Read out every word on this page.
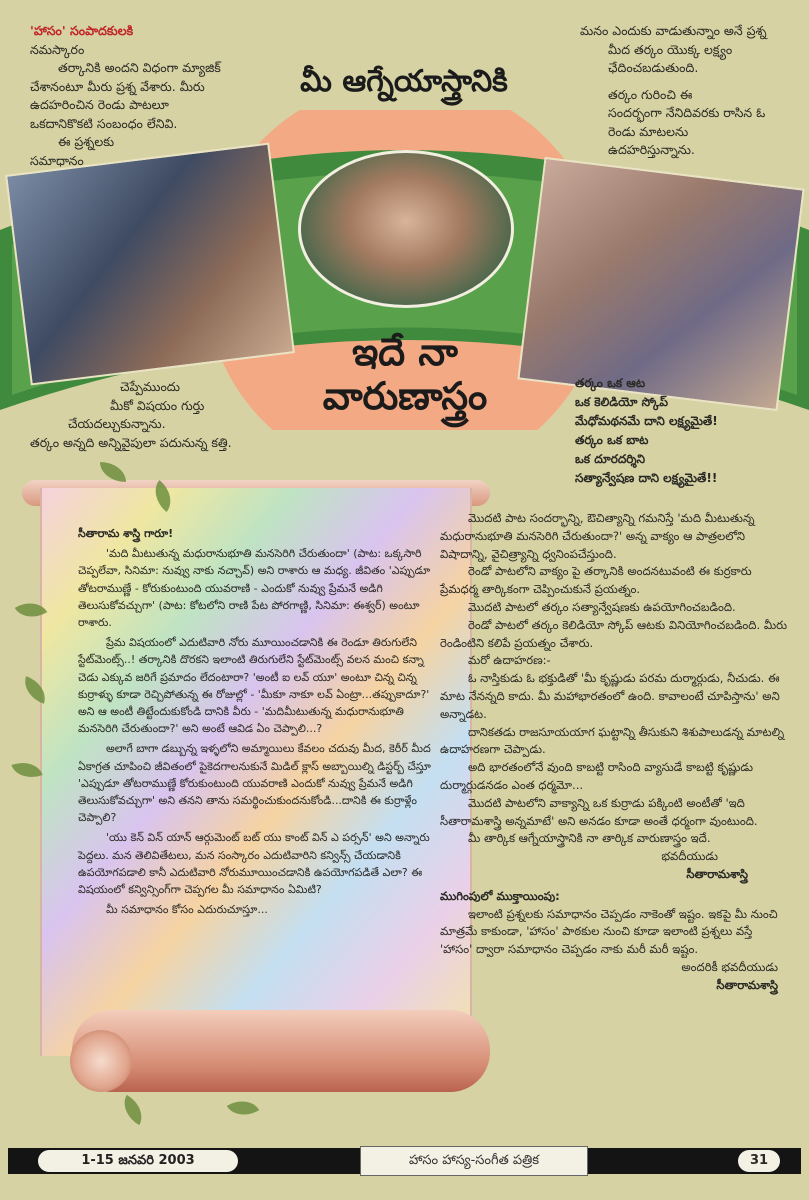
'హాసం' సంపాదకులకి

నమస్కారం

తర్కానికి అందని విధంగా మ్యాజిక్

చేశానంటూ మీరు ప్రశ్న వేశారు. మీరు

ఉదహరించిన రెండు పాటలూ

ఒకదానికొకటి సంబంధం లేనివి.

ఈ ప్రశ్నలకు

సమాధానం

మనం ఎందుకు వాడుతున్నాం అనే ప్రశ్న

మీద తర్కం యొక్క లక్ష్యం

ఛేదించబడుతుంది.

తర్కం గురించి ఈ

సందర్భంగా నేనిదివరకు రాసిన ఓ

రెండు మాటలను

ఉదహరిస్తున్నాను.

మీ ఆగ్నేయాస్త్రానికి
ఇదే నా
వారుణాస్త్రం

చెప్పేముందు

మీకో విషయం గుర్తు

చేయదల్చుకున్నాను.

తర్కం అన్నది అన్నివైపులా పదునున్న కత్తి.

తర్కం ఒక ఆట

ఒక కెలిడియో స్కోప్

మేధోమథనమే దాని లక్ష్యమైతే!

తర్కం ఒక బాట

ఒక దూరదర్శిని

సత్యాన్వేషణ దాని లక్ష్యమైతే!!

సీతారామ శాస్త్రి గారూ!

'మది మీటుతున్న మధురానుభూతి మనసెరిగి చేరుతుందా' (పాట: ఒక్కసారి చెప్పలేవా, సినిమా: నువ్వు నాకు నచ్చావ్) అని రాశారు ఆ మధ్య. జీవితం 'ఎప్పుడూ తోటరాముణ్ణే - కోరుకుంటుంది యువరాణి - ఎందుకో నువ్వు ప్రేమనే అడిగి తెలుసుకోవచ్చుగా' (పాట: కోటలోని రాణి పేట పోరగాణ్ణి, సినిమా: ఈశ్వర్) అంటూ రాశారు.

ప్రేమ విషయంలో ఎదుటివారి నోరు మూయించడానికి ఈ రెండూ తిరుగులేని స్టేట్‌మెంట్స్..! తర్కానికి దొరకని ఇలాంటి తిరుగులేని స్టేట్‌మెంట్స్ వలన మంచి కన్నా చెడు ఎక్కువ జరిగే ప్రమాదం లేదంటారా? 'అంటీ ఐ లవ్ యూ' అంటూ చిన్న చిన్న కుర్రాళ్ళు కూడా రెచ్చిపోతున్న ఈ రోజుల్లో - 'మీకూ నాకూ లవ్ ఏంట్రా...తప్పుకాదూ?' అని ఆ అంటీ తిట్టేందుకుకోండి దానికి వీరు - 'మదిమీటుతున్న మధురానుభూతి మనసెరిగి చేరుతుందా?' అని అంటే ఆవిడ ఏం చెప్పాలి...?

అలాగే బాగా డబ్బున్న ఇళ్ళలోని అమ్మాయిలు కేవలం చదువు మీద, కెరీర్ మీద ఏకాగ్రత చూపించి జీవితంలో పైకెదగాలనుకునే మిడిల్ క్లాస్ అబ్బాయిల్ని డిస్టర్బ్ చేస్తూ 'ఎప్పుడూ తోటరాముణ్ణే కోరుకుంటుంది యువరాణి ఎందుకో నువ్వు ప్రేమనే అడిగి తెలుసుకోవచ్చుగా' అని తనని తాను సమర్థించుకుందనుకోండి...దానికి ఈ కుర్రాళ్లేం చెప్పాలి?

'యు కెన్ విన్ యాన్ ఆర్గుమెంట్ బట్ యు కాంట్ విన్ ఎ పర్సన్' అని అన్నారు పెద్దలు. మన తెలివితేటలు, మన సంస్కారం ఎదుటివారిని కన్విన్స్ చేయడానికి ఉపయోగపడాలి కానీ ఎదుటివారి నోరుమూయించడానికి ఉపయోగపడితే ఎలా? ఈ విషయంలో కన్విన్సింగ్‌గా చెప్పగల మీ సమాధానం ఏమిటి?

మీ సమాధానం కోసం ఎదురుచూస్తూ...

మొదటి పాట సందర్భాన్ని, ఔచిత్యాన్ని గమనిస్తే 'మది మీటుతున్న మధురానుభూతి మనసెరిగి చేరుతుందా?' అన్న వాక్యం ఆ పాత్రలలోని విషాదాన్ని, వైచిత్ర్యాన్ని ధ్వనింపచేస్తుంది.

రెండో పాటలోని వాక్యం పై తర్కానికి అందనటువంటి ఈ కుర్రకారు ప్రేమధర్మ తార్కికంగా చెప్పించుకునే ప్రయత్నం.

మొదటి పాటలో తర్కం సత్యాన్వేషణకు ఉపయోగించబడింది.

రెండో పాటలో తర్కం కెలిడియో స్కోప్ ఆటకు వినియోగించబడింది. మీరు రెండింటిని కలిపే ప్రయత్నం చేశారు.

మరో ఉదాహరణ:-

ఓ నాస్తికుడు ఓ భక్తుడితో 'మీ కృష్ణుడు పరమ దుర్మార్గుడు, నీచుడు. ఈ మాట నేనన్నది కాదు. మీ మహాభారతంలో ఉంది. కావాలంటే చూపిస్తాను' అని అన్నాడట.

దానికతడు రాజసూయయాగ ఘట్టాన్ని తీసుకుని శిశుపాలుడన్న మాటల్ని ఉదాహరణగా చెప్పాడు.

అది భారతంలోనే వుంది కాబట్టి రాసింది వ్యాసుడే కాబట్టి కృష్ణుడు దుర్మార్గుడనడం ఎంత ధర్మమో...

మొదటి పాటలోని వాక్యాన్ని ఒక కుర్రాడు పక్కింటి అంటీతో 'ఇది సీతారామశాస్త్రి అన్నమాటే' అని అనడం కూడా అంతే ధర్మంగా వుంటుంది.

మీ తార్కిక ఆగ్నేయాస్త్రానికి నా తార్కిక వారుణాస్త్రం ఇదే.

భవదీయుడు

సీతారామశాస్త్రి

ముగింపులో ముక్తాయింపు:

ఇలాంటి ప్రశ్నలకు సమాధానం చెప్పడం నాకెంతో ఇష్టం. ఇకపై మీ నుంచి మాత్రమే కాకుండా, 'హాసం' పాఠకుల నుంచి కూడా ఇలాంటి ప్రశ్నలు వస్తే 'హాసం' ద్వారా సమాధానం చెప్పడం నాకు మరీ మరీ ఇష్టం.

అందరికీ భవదీయుడు

సీతారామశాస్త్రి

1-15 జనవరి 2003	హాసం హాస్య-సంగీత పత్రిక	31
